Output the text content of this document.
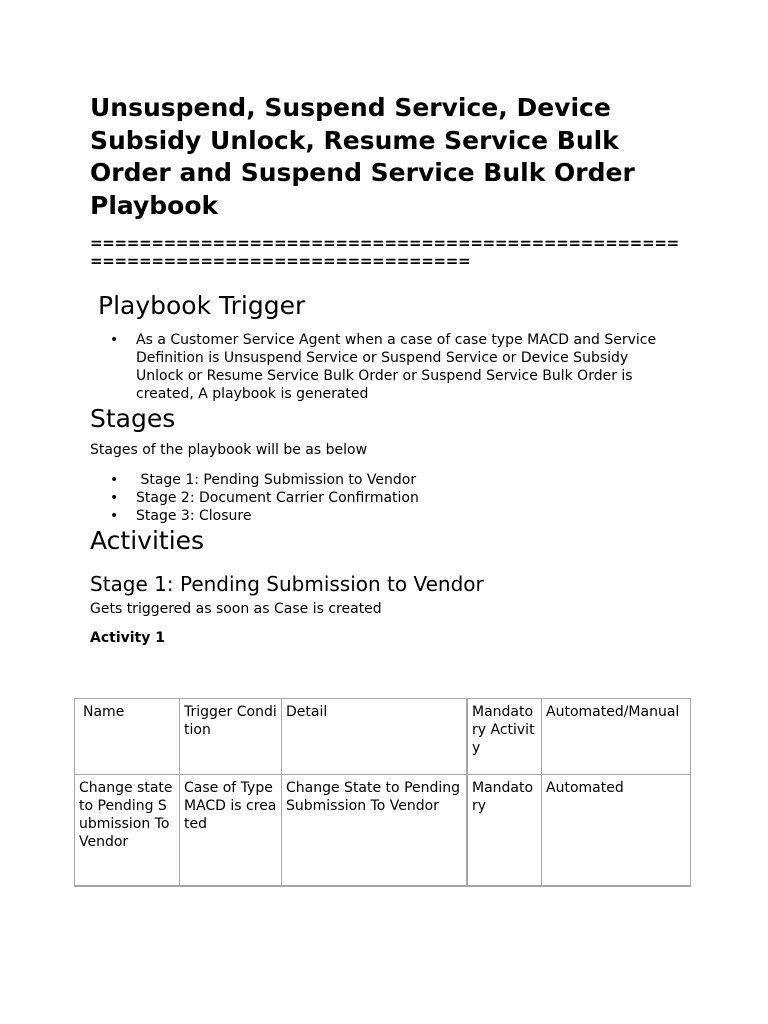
Unsuspend, Suspend Service, Device Subsidy Unlock, Resume Service Bulk Order and Suspend Service Bulk Order Playbook
===============================================================================
Playbook Trigger
• As a Customer Service Agent when a case of case type MACD and Service Definition is Unsuspend Service or Suspend Service or Device Subsidy Unlock or Resume Service Bulk Order or Suspend Service Bulk Order is created, A playbook is generated
Stages

Stages of the playbook will be as below

•  Stage 1: Pending Submission to Vendor
• Stage 2: Document Carrier Confirmation
• Stage 3: Closure
Activities
Stage 1: Pending Submission to Vendor

Gets triggered as soon as Case is created

Activity 1
Name	Trigger Condition	Detail	Mandatory Activity	Automated/Manual
Change state to Pending Submission To Vendor	Case of Type MACD is created	Change State to Pending Submission To Vendor	Mandatory	Automated
